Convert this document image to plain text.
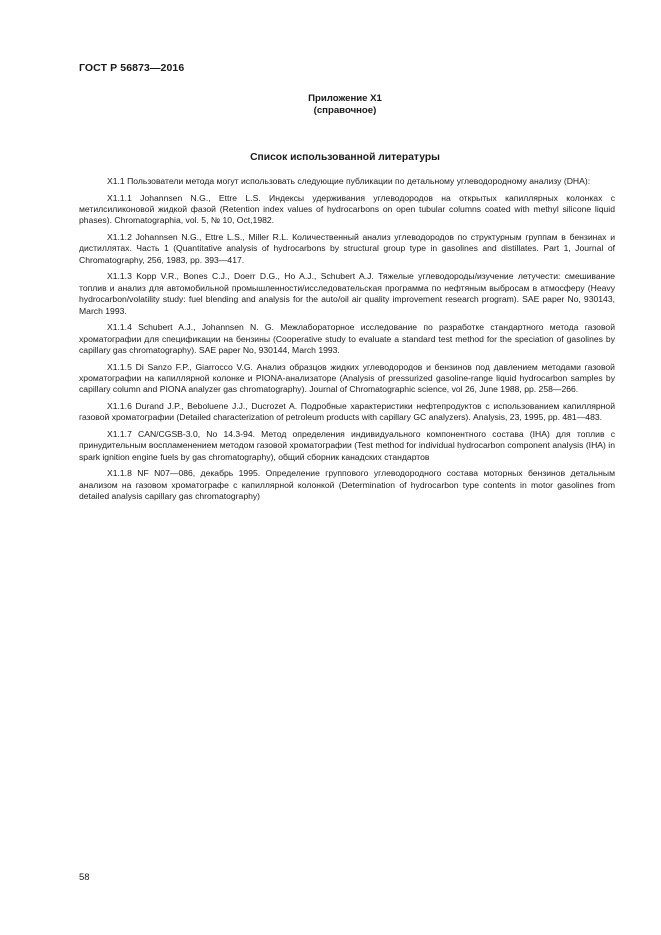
ГОСТ Р 56873—2016
Приложение Х1
(справочное)
Список использованной литературы

Х1.1 Пользователи метода могут использовать следующие публикации по детальному углеводородному анализу (DHA):

Х1.1.1 Johannsen N.G., Ettre L.S. Индексы удерживания углеводородов на открытых капиллярных колонках с метилсиликоновой жидкой фазой (Retention index values of hydrocarbons on open tubular columns coated with methyl silicone liquid phases). Chromatographia, vol. 5, № 10, Oct,1982.

Х1.1.2 Johannsen N.G., Ettre L.S., Miller R.L. Количественный анализ углеводородов по структурным группам в бензинах и дистиллятах. Часть 1 (Quantitative analysis of hydrocarbons by structural group type in gasolines and distillates. Part 1, Journal of Chromatography, 256, 1983, pp. 393—417.

Х1.1.3 Kopp V.R., Bones C.J., Doerr D.G., Ho A.J., Schubert A.J. Тяжелые углеводороды/изучение летучести: смешивание топлив и анализ для автомобильной промышленности/исследовательская программа по нефтяным выбросам в атмосферу (Heavy hydrocarbon/volatility study: fuel blending and analysis for the auto/oil air quality improvement research program). SAE paper No, 930143, March 1993.

Х1.1.4 Schubert A.J., Johannsen N. G. Межлабораторное исследование по разработке стандартного метода газовой хроматографии для спецификации на бензины (Cooperative study to evaluate a standard test method for the speciation of gasolines by capillary gas chromatography). SAE paper No, 930144, March 1993.

Х1.1.5 Di Sanzo F.P., Giarrocco V.G. Анализ образцов жидких углеводородов и бензинов под давлением методами газовой хроматографии на капиллярной колонке и PIONA-анализаторе (Analysis of pressurized gasoline-range liquid hydrocarbon samples by capillary column and PIONA analyzer gas chromatography). Journal of Chromatographic science, vol 26, June 1988, pp. 258—266.

Х1.1.6 Durand J.P., Beboluene J.J., Ducrozet A. Подробные характеристики нефтепродуктов с использованием капиллярной газовой хроматографии (Detailed characterization of petroleum products with capillary GC analyzers). Analysis, 23, 1995, pp. 481—483.

Х1.1.7 CAN/CGSB-3.0, No 14.3-94. Метод определения индивидуального компонентного состава (IHA) для топлив с принудительным воспламенением методом газовой хроматографии (Test method for individual hydrocarbon component analysis (IHA) in spark ignition engine fuels by gas chromatography), общий сборник канадских стандартов

Х1.1.8 NF N07—086, декабрь 1995. Определение группового углеводородного состава моторных бензинов детальным анализом на газовом хроматографе с капиллярной колонкой (Determination of hydrocarbon type contents in motor gasolines from detailed analysis capillary gas chromatography)

58
